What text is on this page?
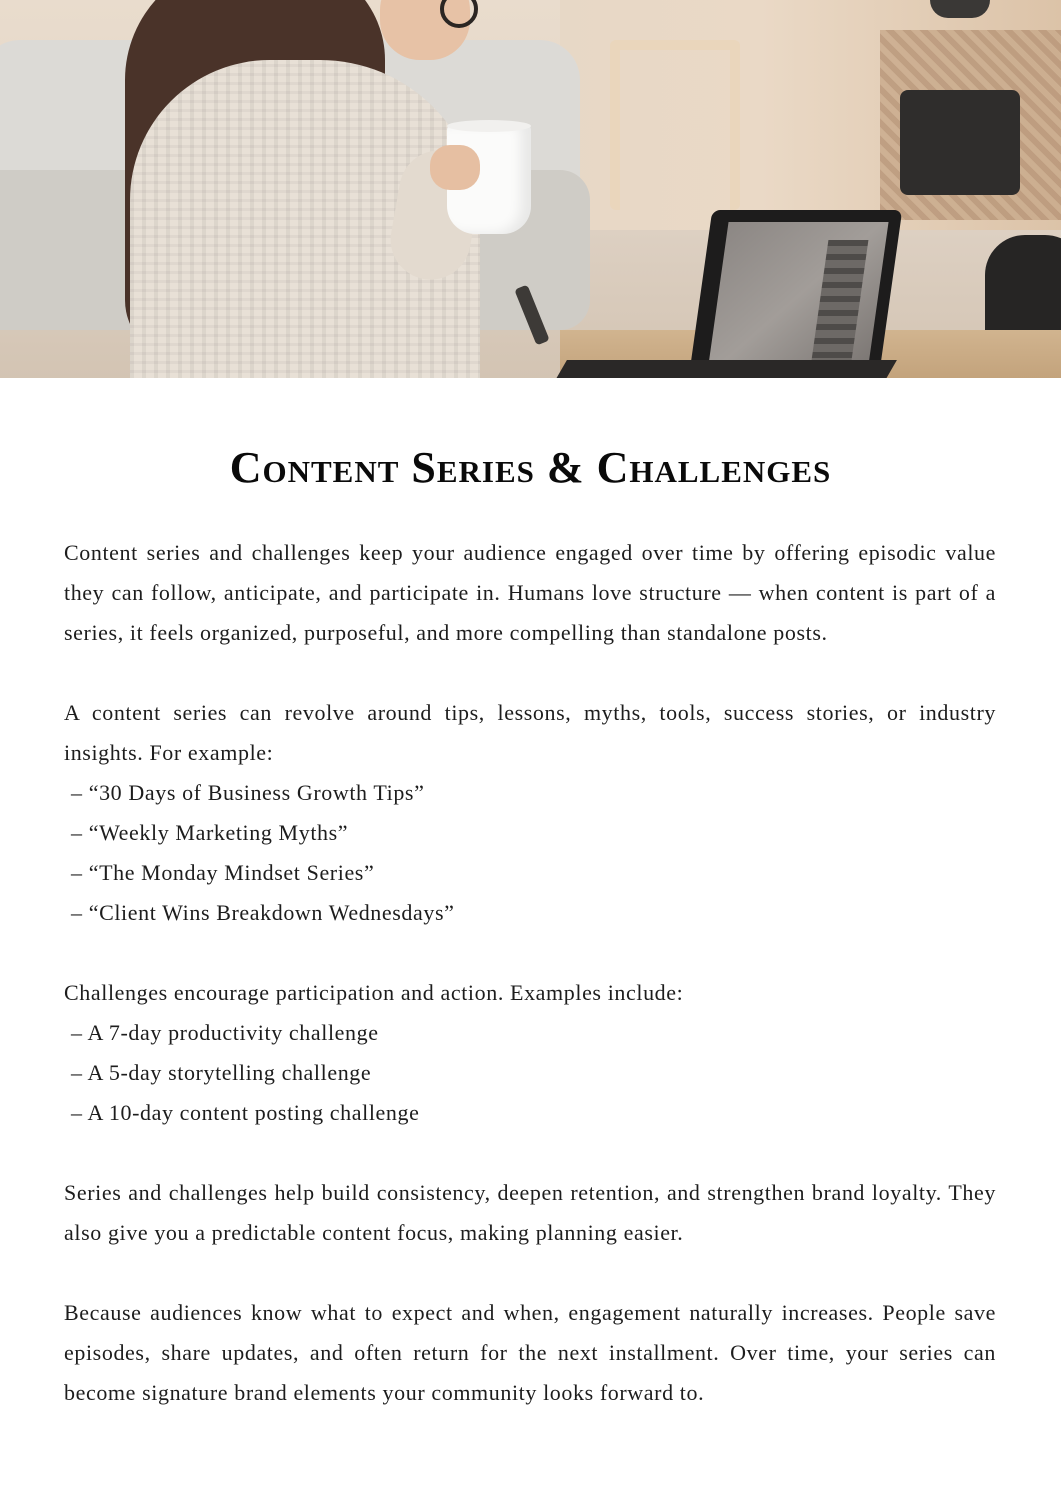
Content Series & Challenges

Content series and challenges keep your audience engaged over time by offering episodic value they can follow, anticipate, and participate in. Humans love structure — when content is part of a series, it feels organized, purposeful, and more compelling than standalone posts.

A content series can revolve around tips, lessons, myths, tools, success stories, or industry insights. For example:

– “30 Days of Business Growth Tips”
– “Weekly Marketing Myths”
– “The Monday Mindset Series”
– “Client Wins Breakdown Wednesdays”

Challenges encourage participation and action. Examples include:

– A 7-day productivity challenge
– A 5-day storytelling challenge
– A 10-day content posting challenge

Series and challenges help build consistency, deepen retention, and strengthen brand loyalty. They also give you a predictable content focus, making planning easier.

Because audiences know what to expect and when, engagement naturally increases. People save episodes, share updates, and often return for the next installment. Over time, your series can become signature brand elements your community looks forward to.
